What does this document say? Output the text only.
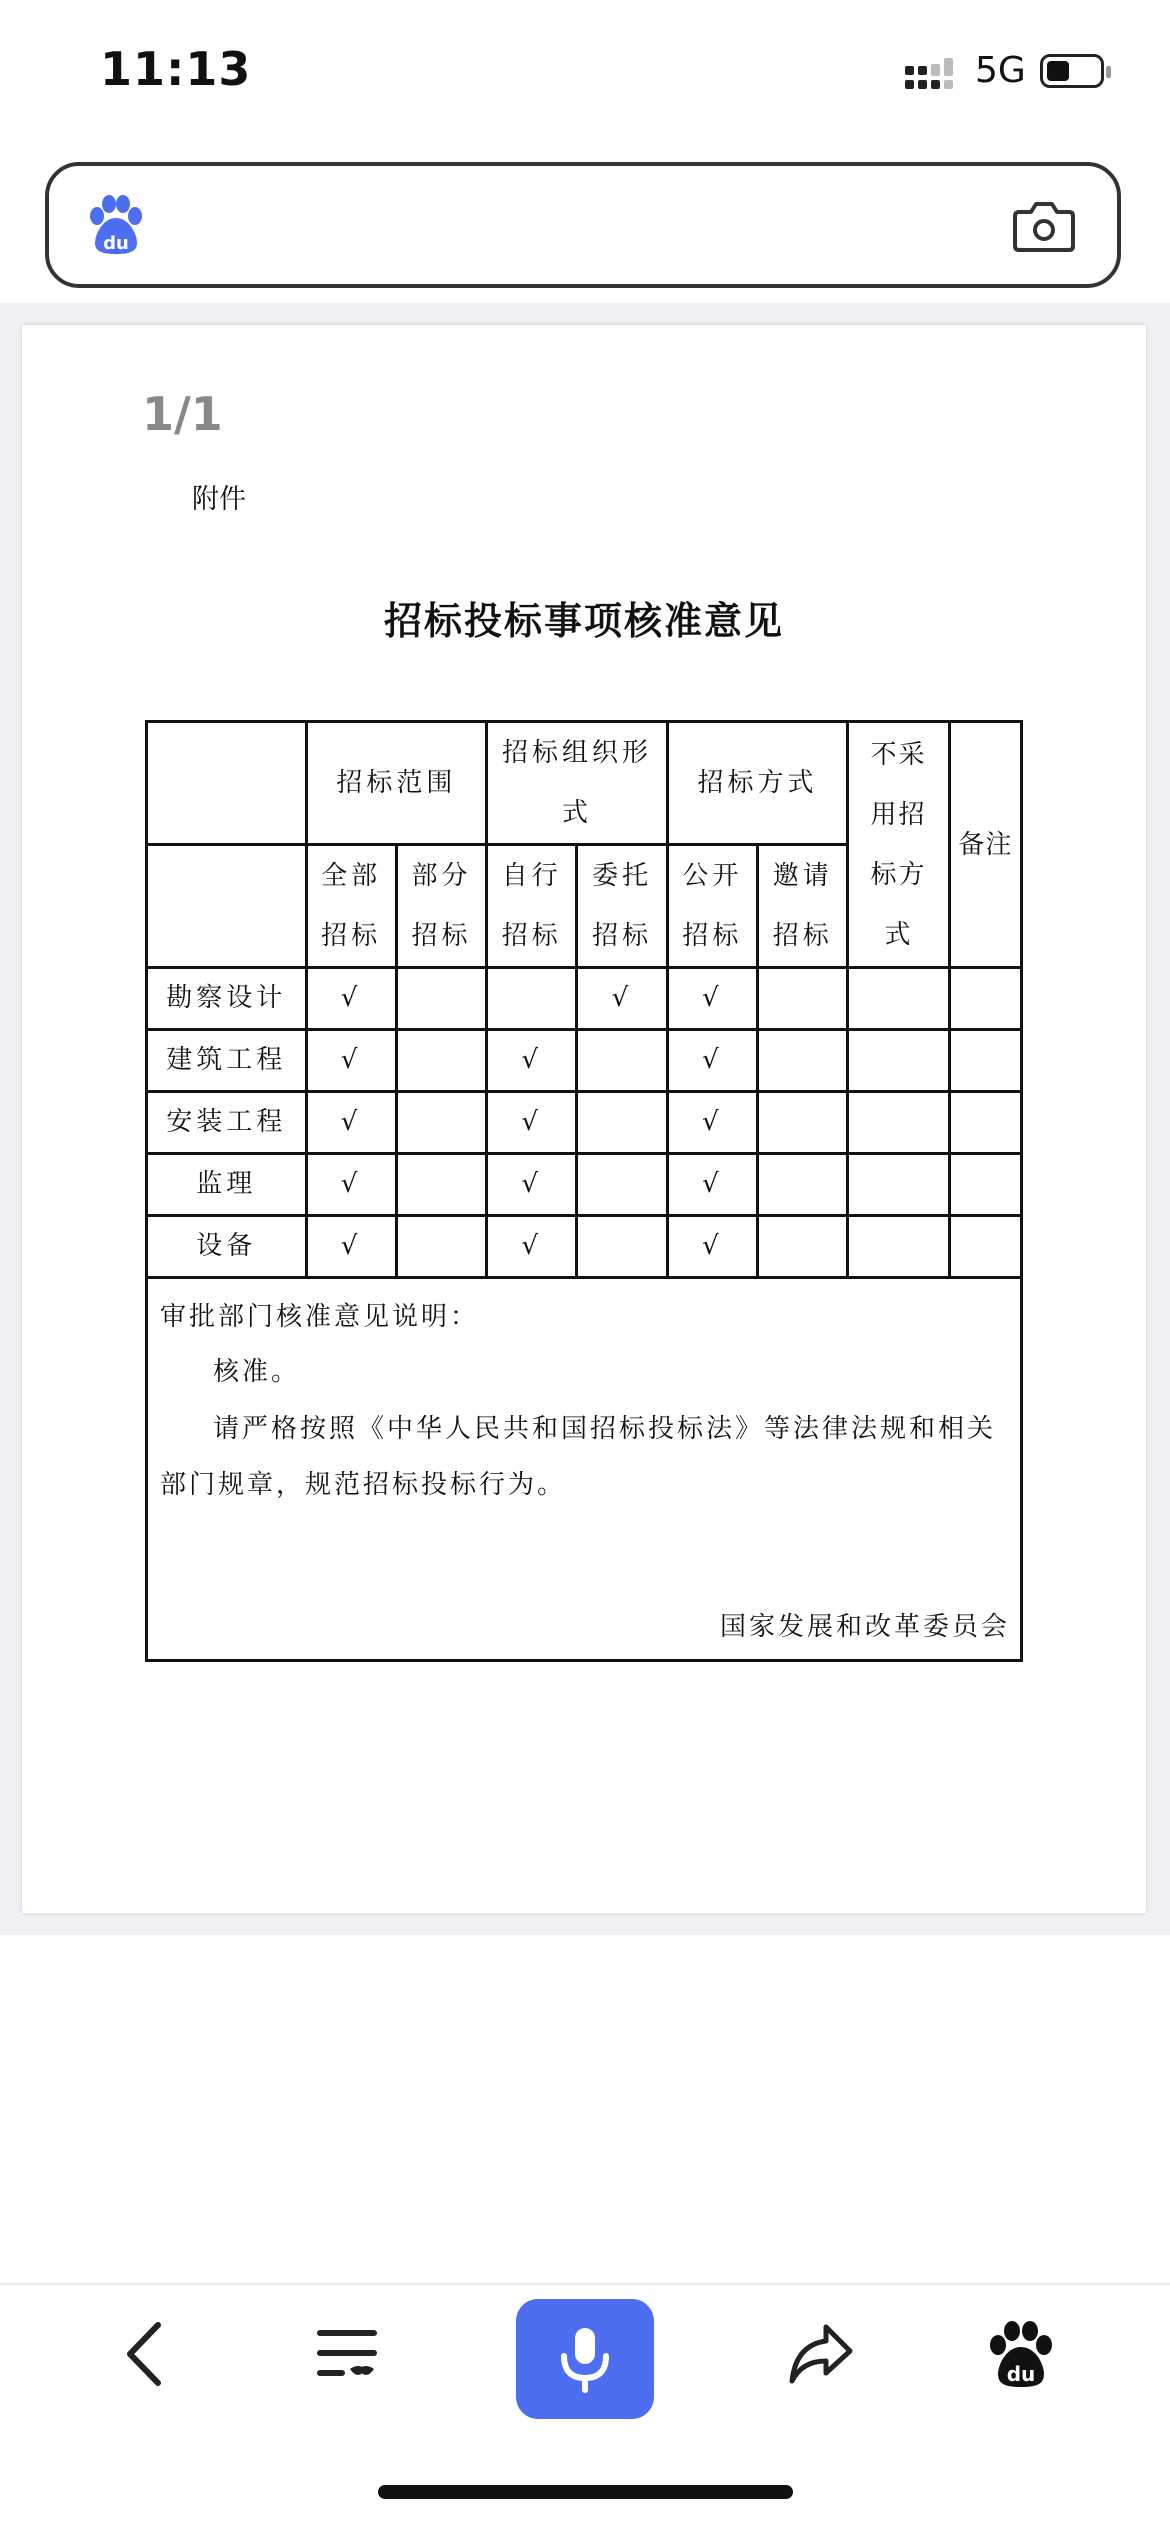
11:13	5G
du
1/1
附件
招标投标事项核准意见
	招标范围		招标组织形式		招标方式		不采用招标方式	备注
	全部招标	部分招标	自行招标	委托招标	公开招标	邀请招标		
勘察设计	√			√	√			
建筑工程	√		√		√			
安装工程	√		√		√			
监理	√		√		√			
设备	√		√		√			

审批部门核准意见说明：
核准。
请严格按照《中华人民共和国招标投标法》等法律法规和相关部门规章，规范招标投标行为。
国家发展和改革委员会								
du
